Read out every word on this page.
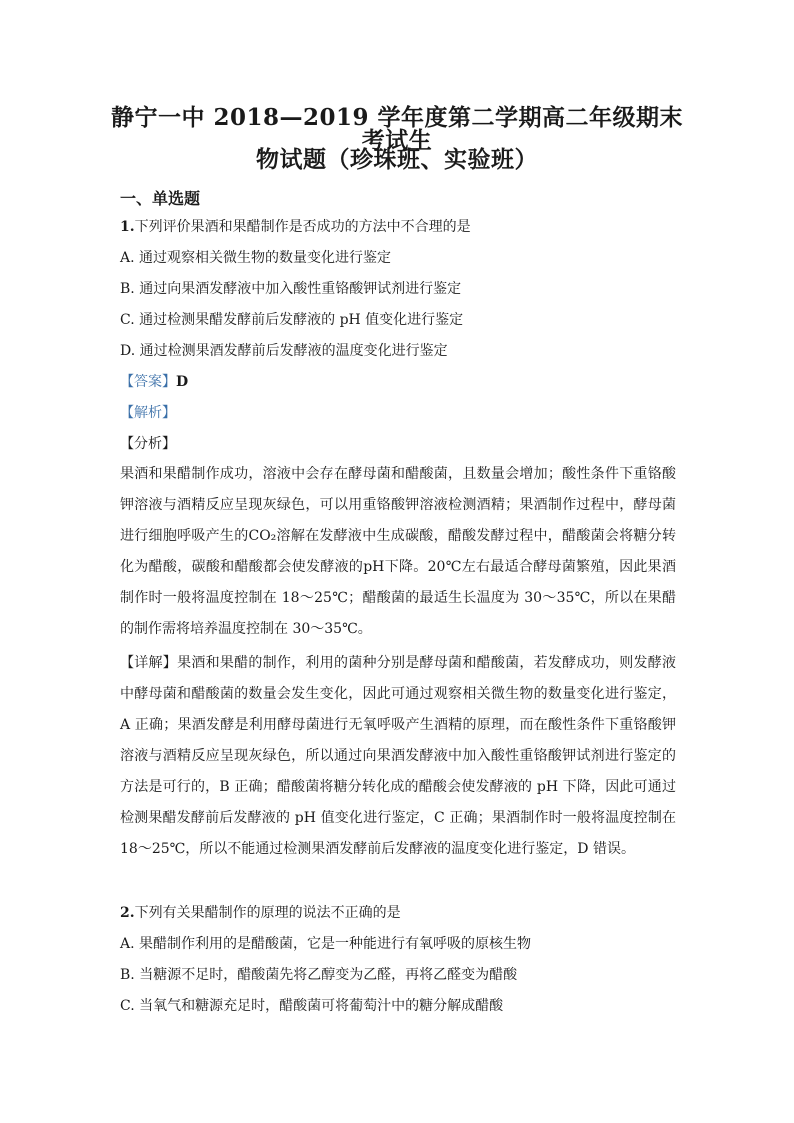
静宁一中 2018—2019 学年度第二学期高二年级期末考试生
物试题（珍珠班、实验班）
一、单选题
1.下列评价果酒和果醋制作是否成功的方法中不合理的是
A. 通过观察相关微生物的数量变化进行鉴定
B. 通过向果酒发酵液中加入酸性重铬酸钾试剂进行鉴定
C. 通过检测果醋发酵前后发酵液的 pH 值变化进行鉴定
D. 通过检测果酒发酵前后发酵液的温度变化进行鉴定
【答案】D
【解析】
【分析】
果酒和果醋制作成功，溶液中会存在酵母菌和醋酸菌，且数量会增加；酸性条件下重铬酸钾溶液与酒精反应呈现灰绿色，可以用重铬酸钾溶液检测酒精；果酒制作过程中，酵母菌进行细胞呼吸产生的CO₂溶解在发酵液中生成碳酸，醋酸发酵过程中，醋酸菌会将糖分转化为醋酸，碳酸和醋酸都会使发酵液的pH下降。20℃左右最适合酵母菌繁殖，因此果酒制作时一般将温度控制在 18～25℃；醋酸菌的最适生长温度为 30～35℃，所以在果醋的制作需将培养温度控制在 30～35℃。
【详解】果酒和果醋的制作，利用的菌种分别是酵母菌和醋酸菌，若发酵成功，则发酵液中酵母菌和醋酸菌的数量会发生变化，因此可通过观察相关微生物的数量变化进行鉴定，A 正确；果酒发酵是利用酵母菌进行无氧呼吸产生酒精的原理，而在酸性条件下重铬酸钾溶液与酒精反应呈现灰绿色，所以通过向果酒发酵液中加入酸性重铬酸钾试剂进行鉴定的方法是可行的，B 正确；醋酸菌将糖分转化成的醋酸会使发酵液的 pH 下降，因此可通过检测果醋发酵前后发酵液的 pH 值变化进行鉴定，C 正确；果酒制作时一般将温度控制在 18～25℃，所以不能通过检测果酒发酵前后发酵液的温度变化进行鉴定，D 错误。
2.下列有关果醋制作的原理的说法不正确的是
A. 果醋制作利用的是醋酸菌，它是一种能进行有氧呼吸的原核生物
B. 当糖源不足时，醋酸菌先将乙醇变为乙醛，再将乙醛变为醋酸
C. 当氧气和糖源充足时，醋酸菌可将葡萄汁中的糖分解成醋酸
